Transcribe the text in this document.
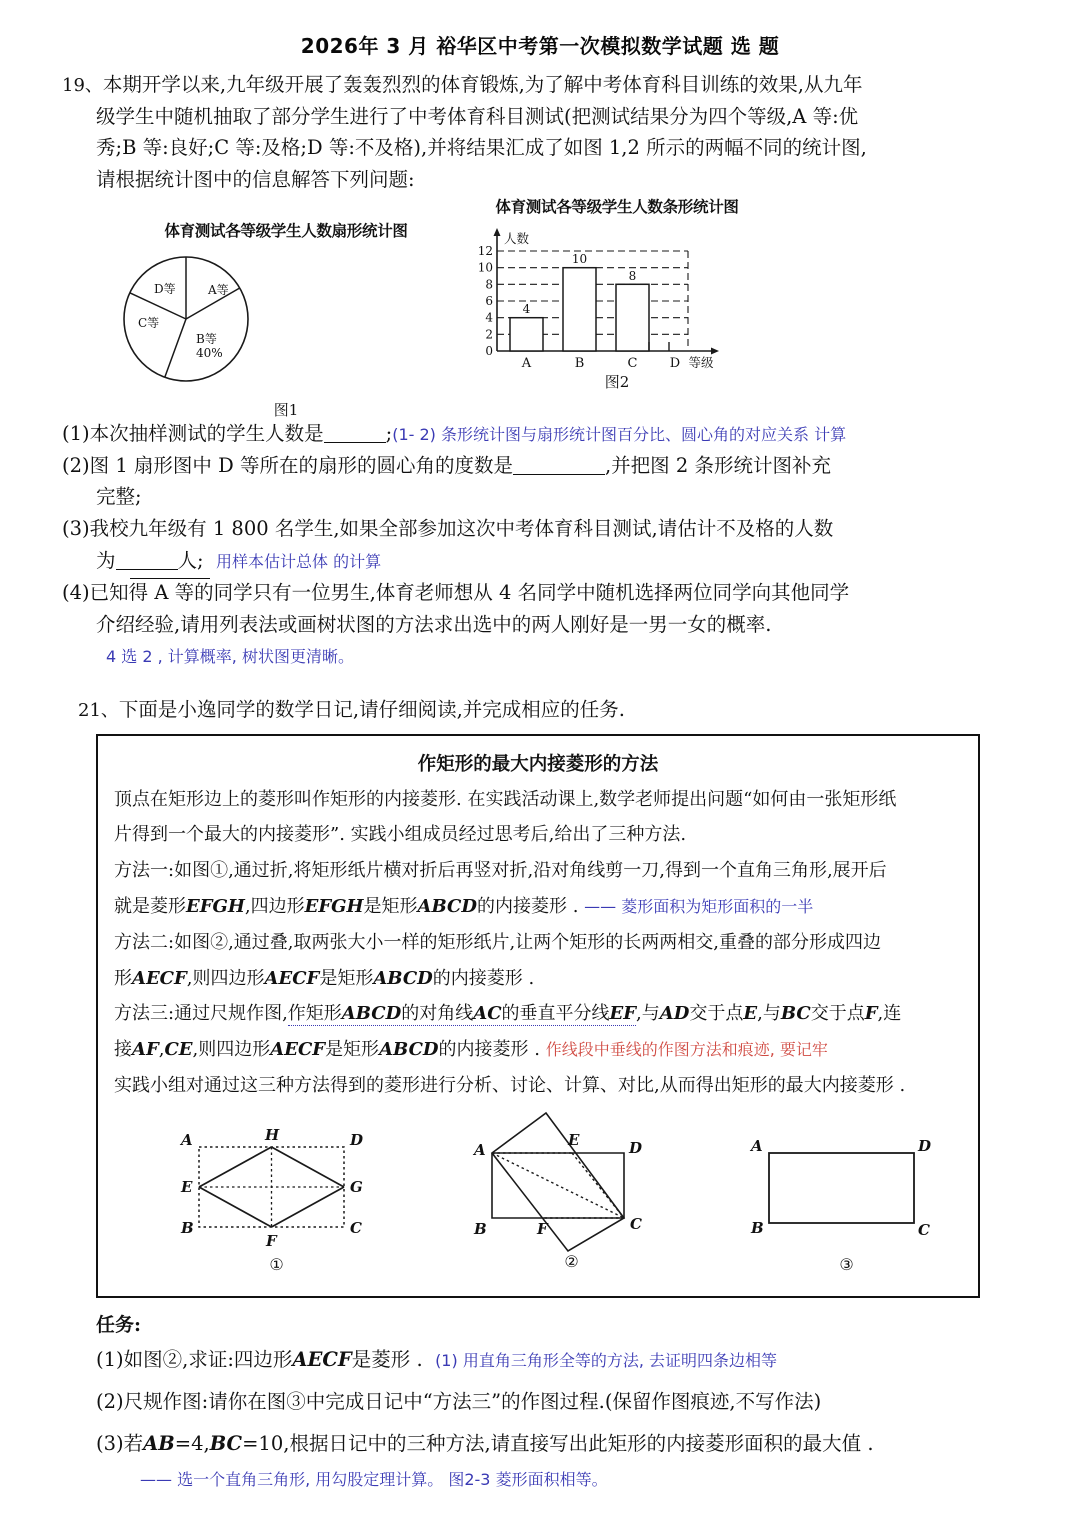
2026年 3 月 裕华区中考第一次模拟数学试题 选 题
19、本期开学以来,九年级开展了轰轰烈烈的体育锻炼,为了解中考体育科目训练的效果,从九年
级学生中随机抽取了部分学生进行了中考体育科目测试(把测试结果分为四个等级,A 等:优
秀;B 等:良好;C 等:及格;D 等:不及格),并将结果汇成了如图 1,2 所示的两幅不同的统计图,
请根据统计图中的信息解答下列问题:
体育测试各等级学生人数扇形统计图
A等
B等
40%
C等
D等
图1
体育测试各等级学生人数条形统计图
人数
0
2
4
6
8
10
12
4
10
8
A	B	C D 等级
图2
(1)本次抽样测试的学生人数是	;(1- 2) 条形统计图与扇形统计图百分比、圆心角的对应关系 计算
(2)图 1 扇形图中 D 等所在的扇形的圆心角的度数是	,并把图 2 条形统计图补充
完整;
(3)我校九年级有 1 800 名学生,如果全部参加这次中考体育科目测试,请估计不及格的人数
为	人; 用样本估计总体 的计算
(4)已知得 A 等的同学只有一位男生,体育老师想从 4 名同学中随机选择两位同学向其他同学
介绍经验,请用列表法或画树状图的方法求出选中的两人刚好是一男一女的概率.
4 选 2 , 计算概率, 树状图更清晰。
21、下面是小逸同学的数学日记,请仔细阅读,并完成相应的任务.
作矩形的最大内接菱形的方法

顶点在矩形边上的菱形叫作矩形的内接菱形. 在实践活动课上,数学老师提出问题“如何由一张矩形纸

片得到一个最大的内接菱形”. 实践小组成员经过思考后,给出了三种方法.

方法一:如图①,通过折,将矩形纸片横对折后再竖对折,沿对角线剪一刀,得到一个直角三角形,展开后

就是菱形EFGH,四边形EFGH是矩形ABCD的内接菱形 . —— 菱形面积为矩形面积的一半

方法二:如图②,通过叠,取两张大小一样的矩形纸片,让两个矩形的长两两相交,重叠的部分形成四边

形AECF,则四边形AECF是矩形ABCD的内接菱形 .

方法三:通过尺规作图,作矩形ABCD的对角线AC的垂直平分线EF,与AD交于点E,与BC交于点F,连

接AF,CE,则四边形AECF是矩形ABCD的内接菱形 . 作线段中垂线的作图方法和痕迹, 要记牢

实践小组对通过这三种方法得到的菱形进行分析、讨论、计算、对比,从而得出矩形的最大内接菱形 .

A	H	D
E	G
B
F
C
①
A
E	D
B	F	C
②
A	D
B	C
③
任务:
(1)如图②,求证:四边形AECF是菱形 . (1) 用直角三角形全等的方法, 去证明四条边相等
(2)尺规作图:请你在图③中完成日记中“方法三”的作图过程.(保留作图痕迹,不写作法)
(3)若AB=4,BC=10,根据日记中的三种方法,请直接写出此矩形的内接菱形面积的最大值 .
—— 选一个直角三角形, 用勾股定理计算。 图2-3 菱形面积相等。
